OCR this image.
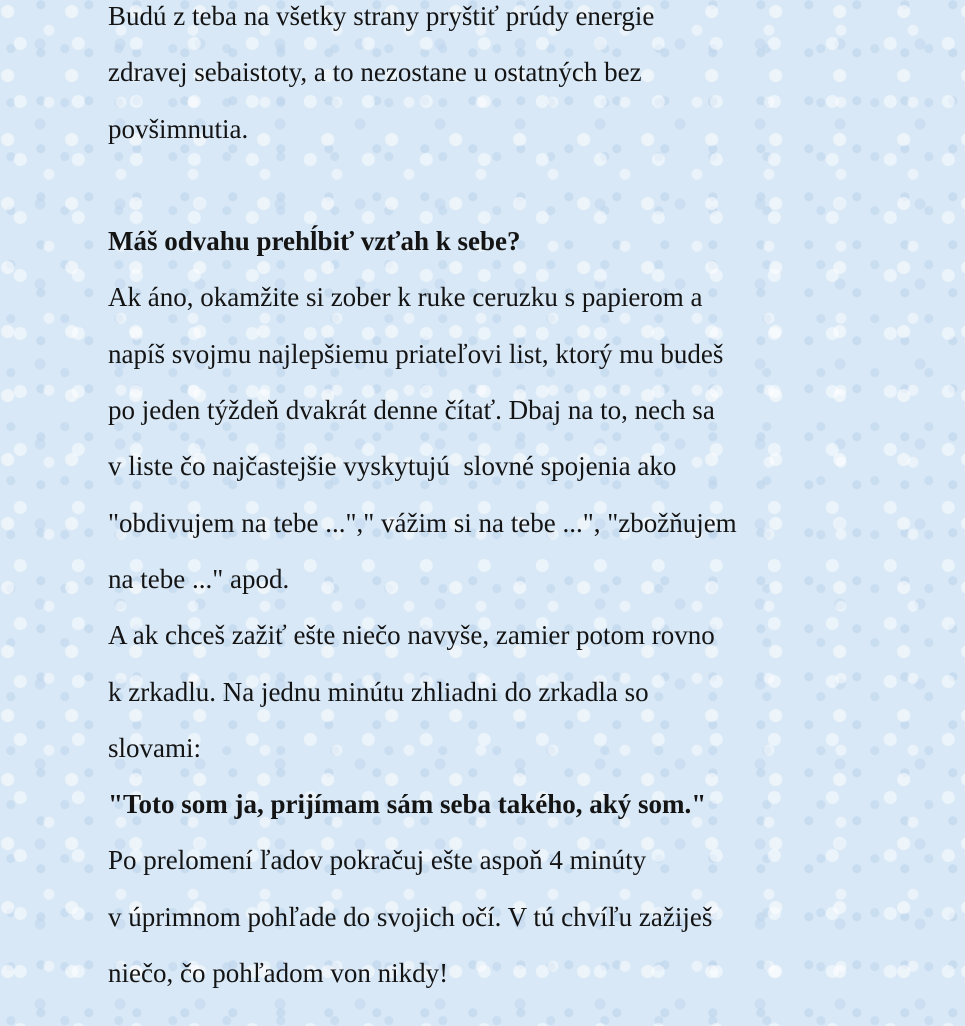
Budú z teba na všetky strany pryštiť prúdy energie
zdravej sebaistoty, a to nezostane u ostatných bez
povšimnutia.
Máš odvahu prehĺbiť vzťah k sebe?
Ak áno, okamžite si zober k ruke ceruzku s papierom a
napíš svojmu najlepšiemu priateľovi list, ktorý mu budeš
po jeden týždeň dvakrát denne čítať. Dbaj na to, nech sa
v liste čo najčastejšie vyskytujú  slovné spojenia ako
"obdivujem na tebe ..."," vážim si na tebe ...", "zbožňujem
na tebe ..." apod.
A ak chceš zažiť ešte niečo navyše, zamier potom rovno
k zrkadlu. Na jednu minútu zhliadni do zrkadla so
slovami:
"Toto som ja, prijímam sám seba takého, aký som."
Po prelomení ľadov pokračuj ešte aspoň 4 minúty
v úprimnom pohľade do svojich očí. V tú chvíľu zažiješ
niečo, čo pohľadom von nikdy!
